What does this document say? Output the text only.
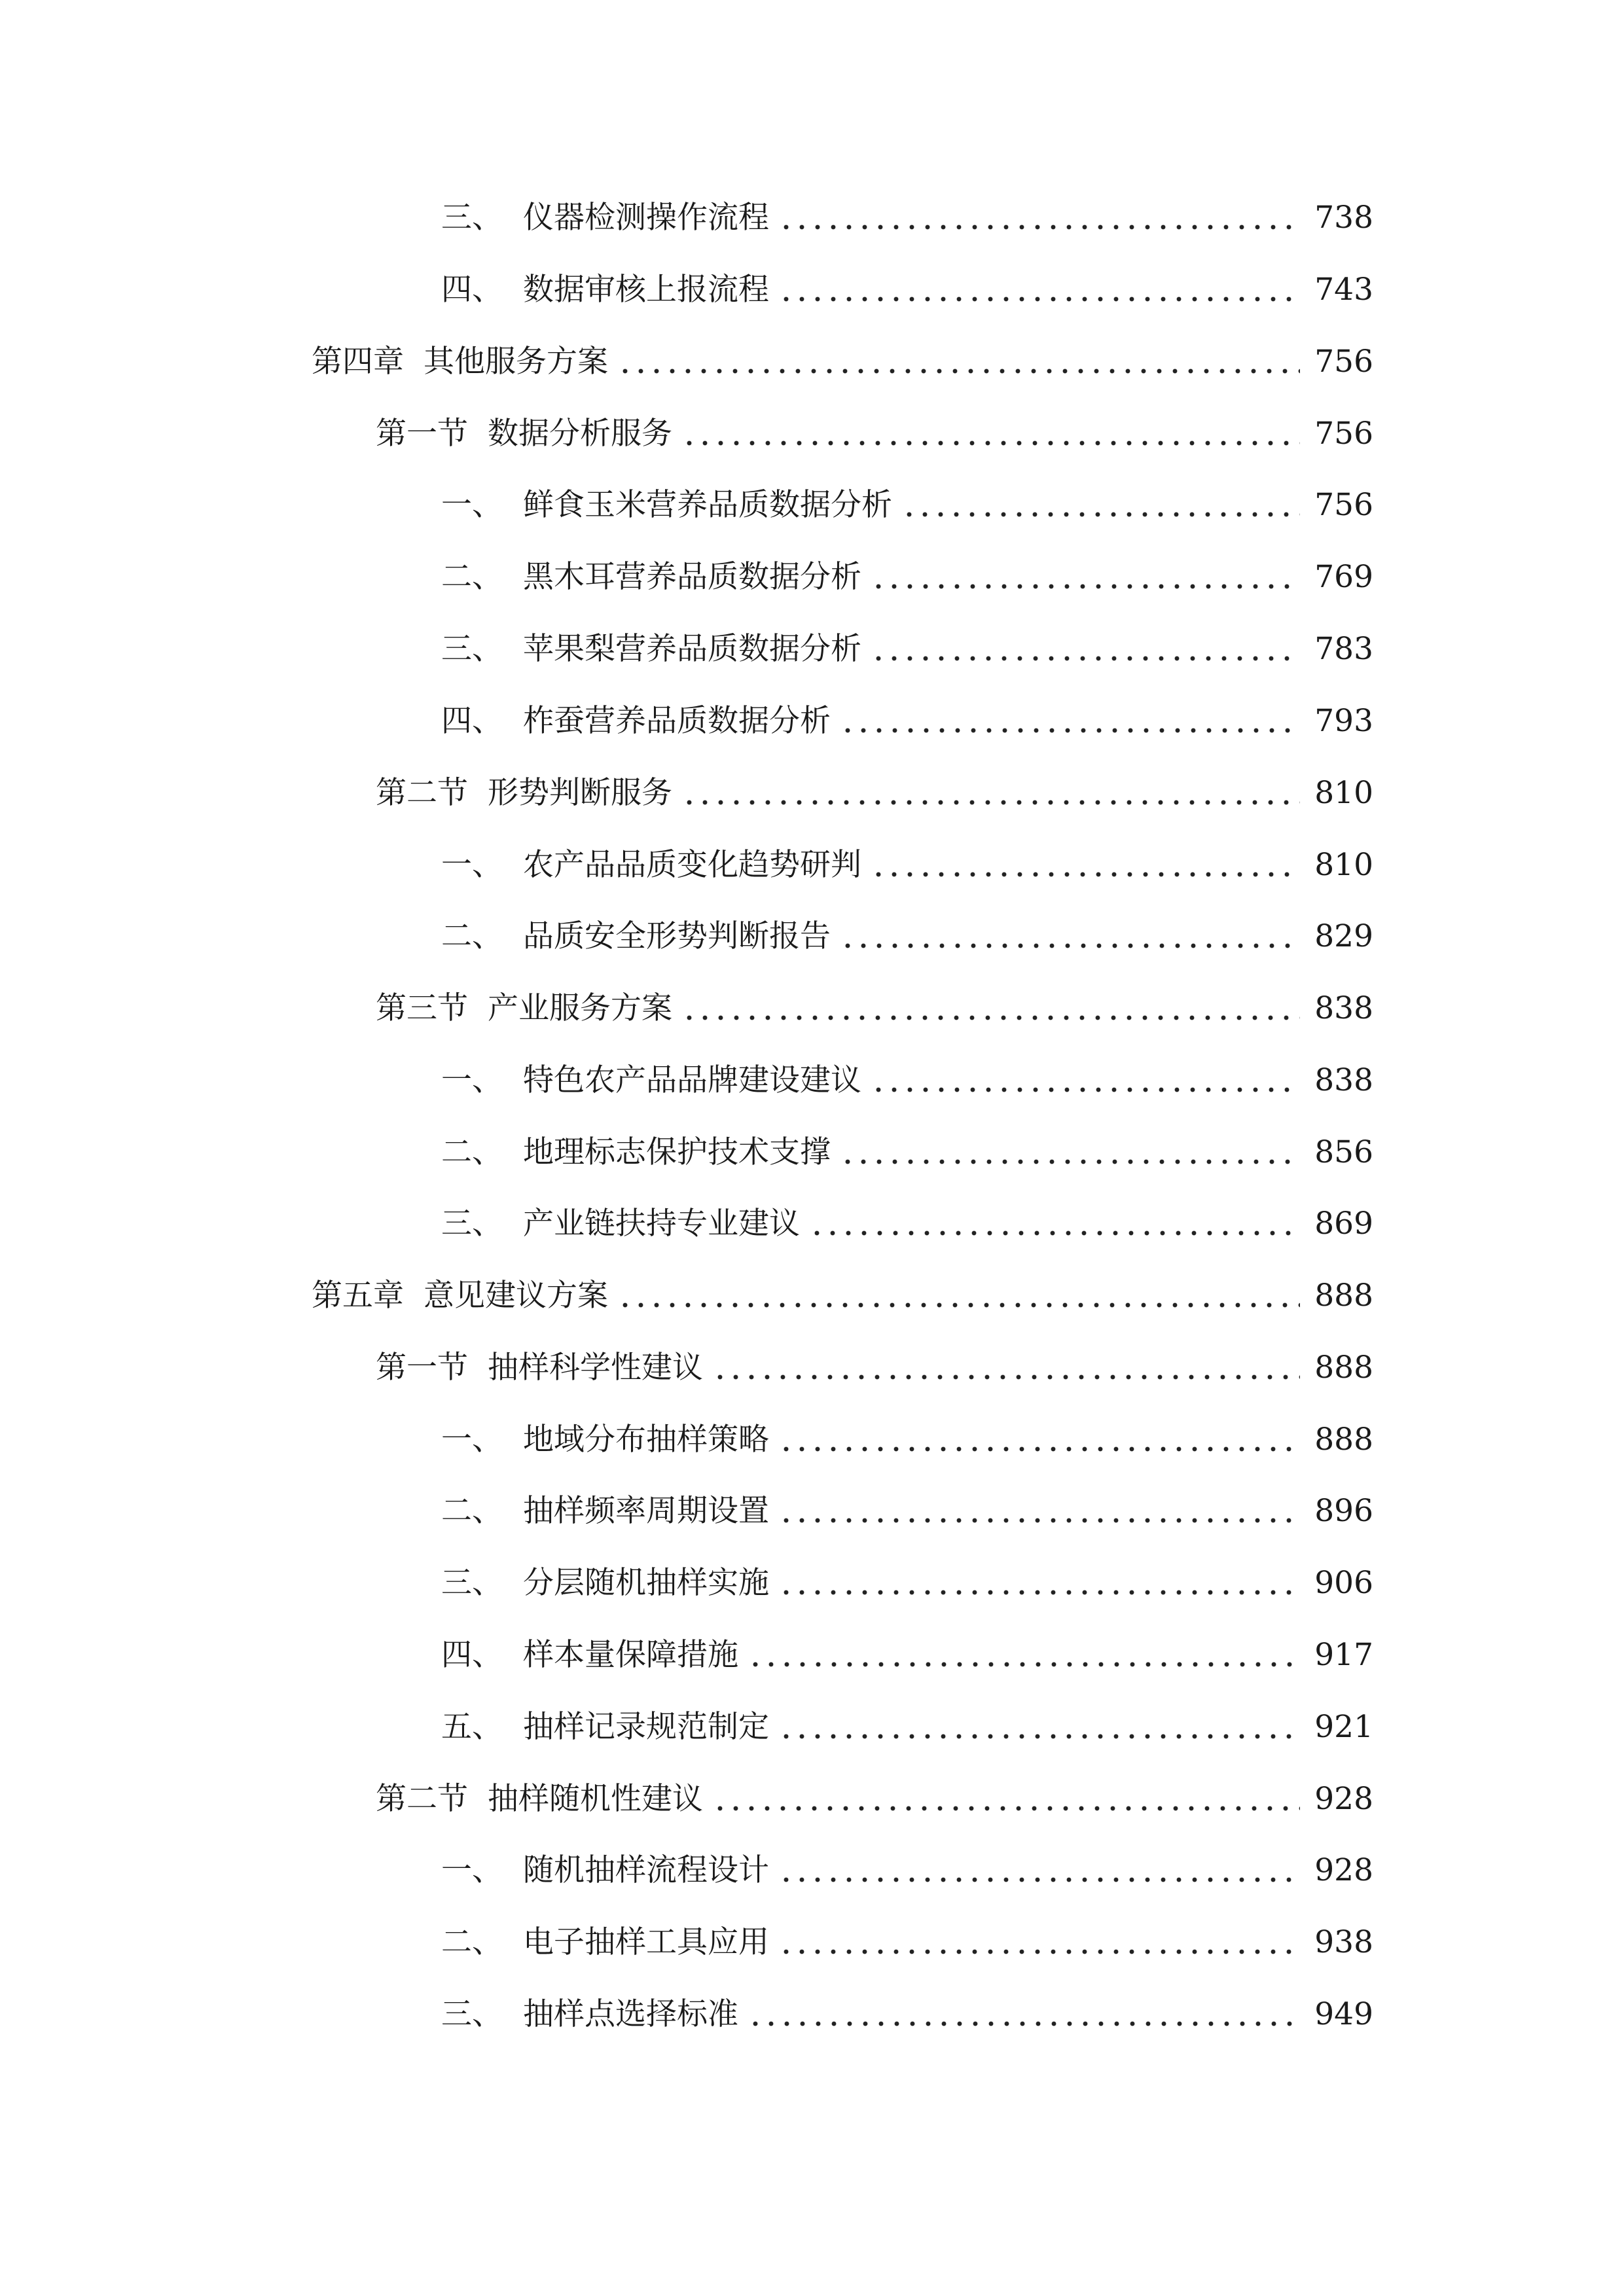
三、 仪器检测操作流程	738
四、 数据审核上报流程	743
第四章 其他服务方案	756
第一节 数据分析服务	756
一、 鲜食玉米营养品质数据分析	756
二、 黑木耳营养品质数据分析	769
三、 苹果梨营养品质数据分析	783
四、 柞蚕营养品质数据分析	793
第二节 形势判断服务	810
一、 农产品品质变化趋势研判	810
二、 品质安全形势判断报告	829
第三节 产业服务方案	838
一、 特色农产品品牌建设建议	838
二、 地理标志保护技术支撑	856
三、 产业链扶持专业建议	869
第五章 意见建议方案	888
第一节 抽样科学性建议	888
一、 地域分布抽样策略	888
二、 抽样频率周期设置	896
三、 分层随机抽样实施	906
四、 样本量保障措施	917
五、 抽样记录规范制定	921
第二节 抽样随机性建议	928
一、 随机抽样流程设计	928
二、 电子抽样工具应用	938
三、 抽样点选择标准	949
